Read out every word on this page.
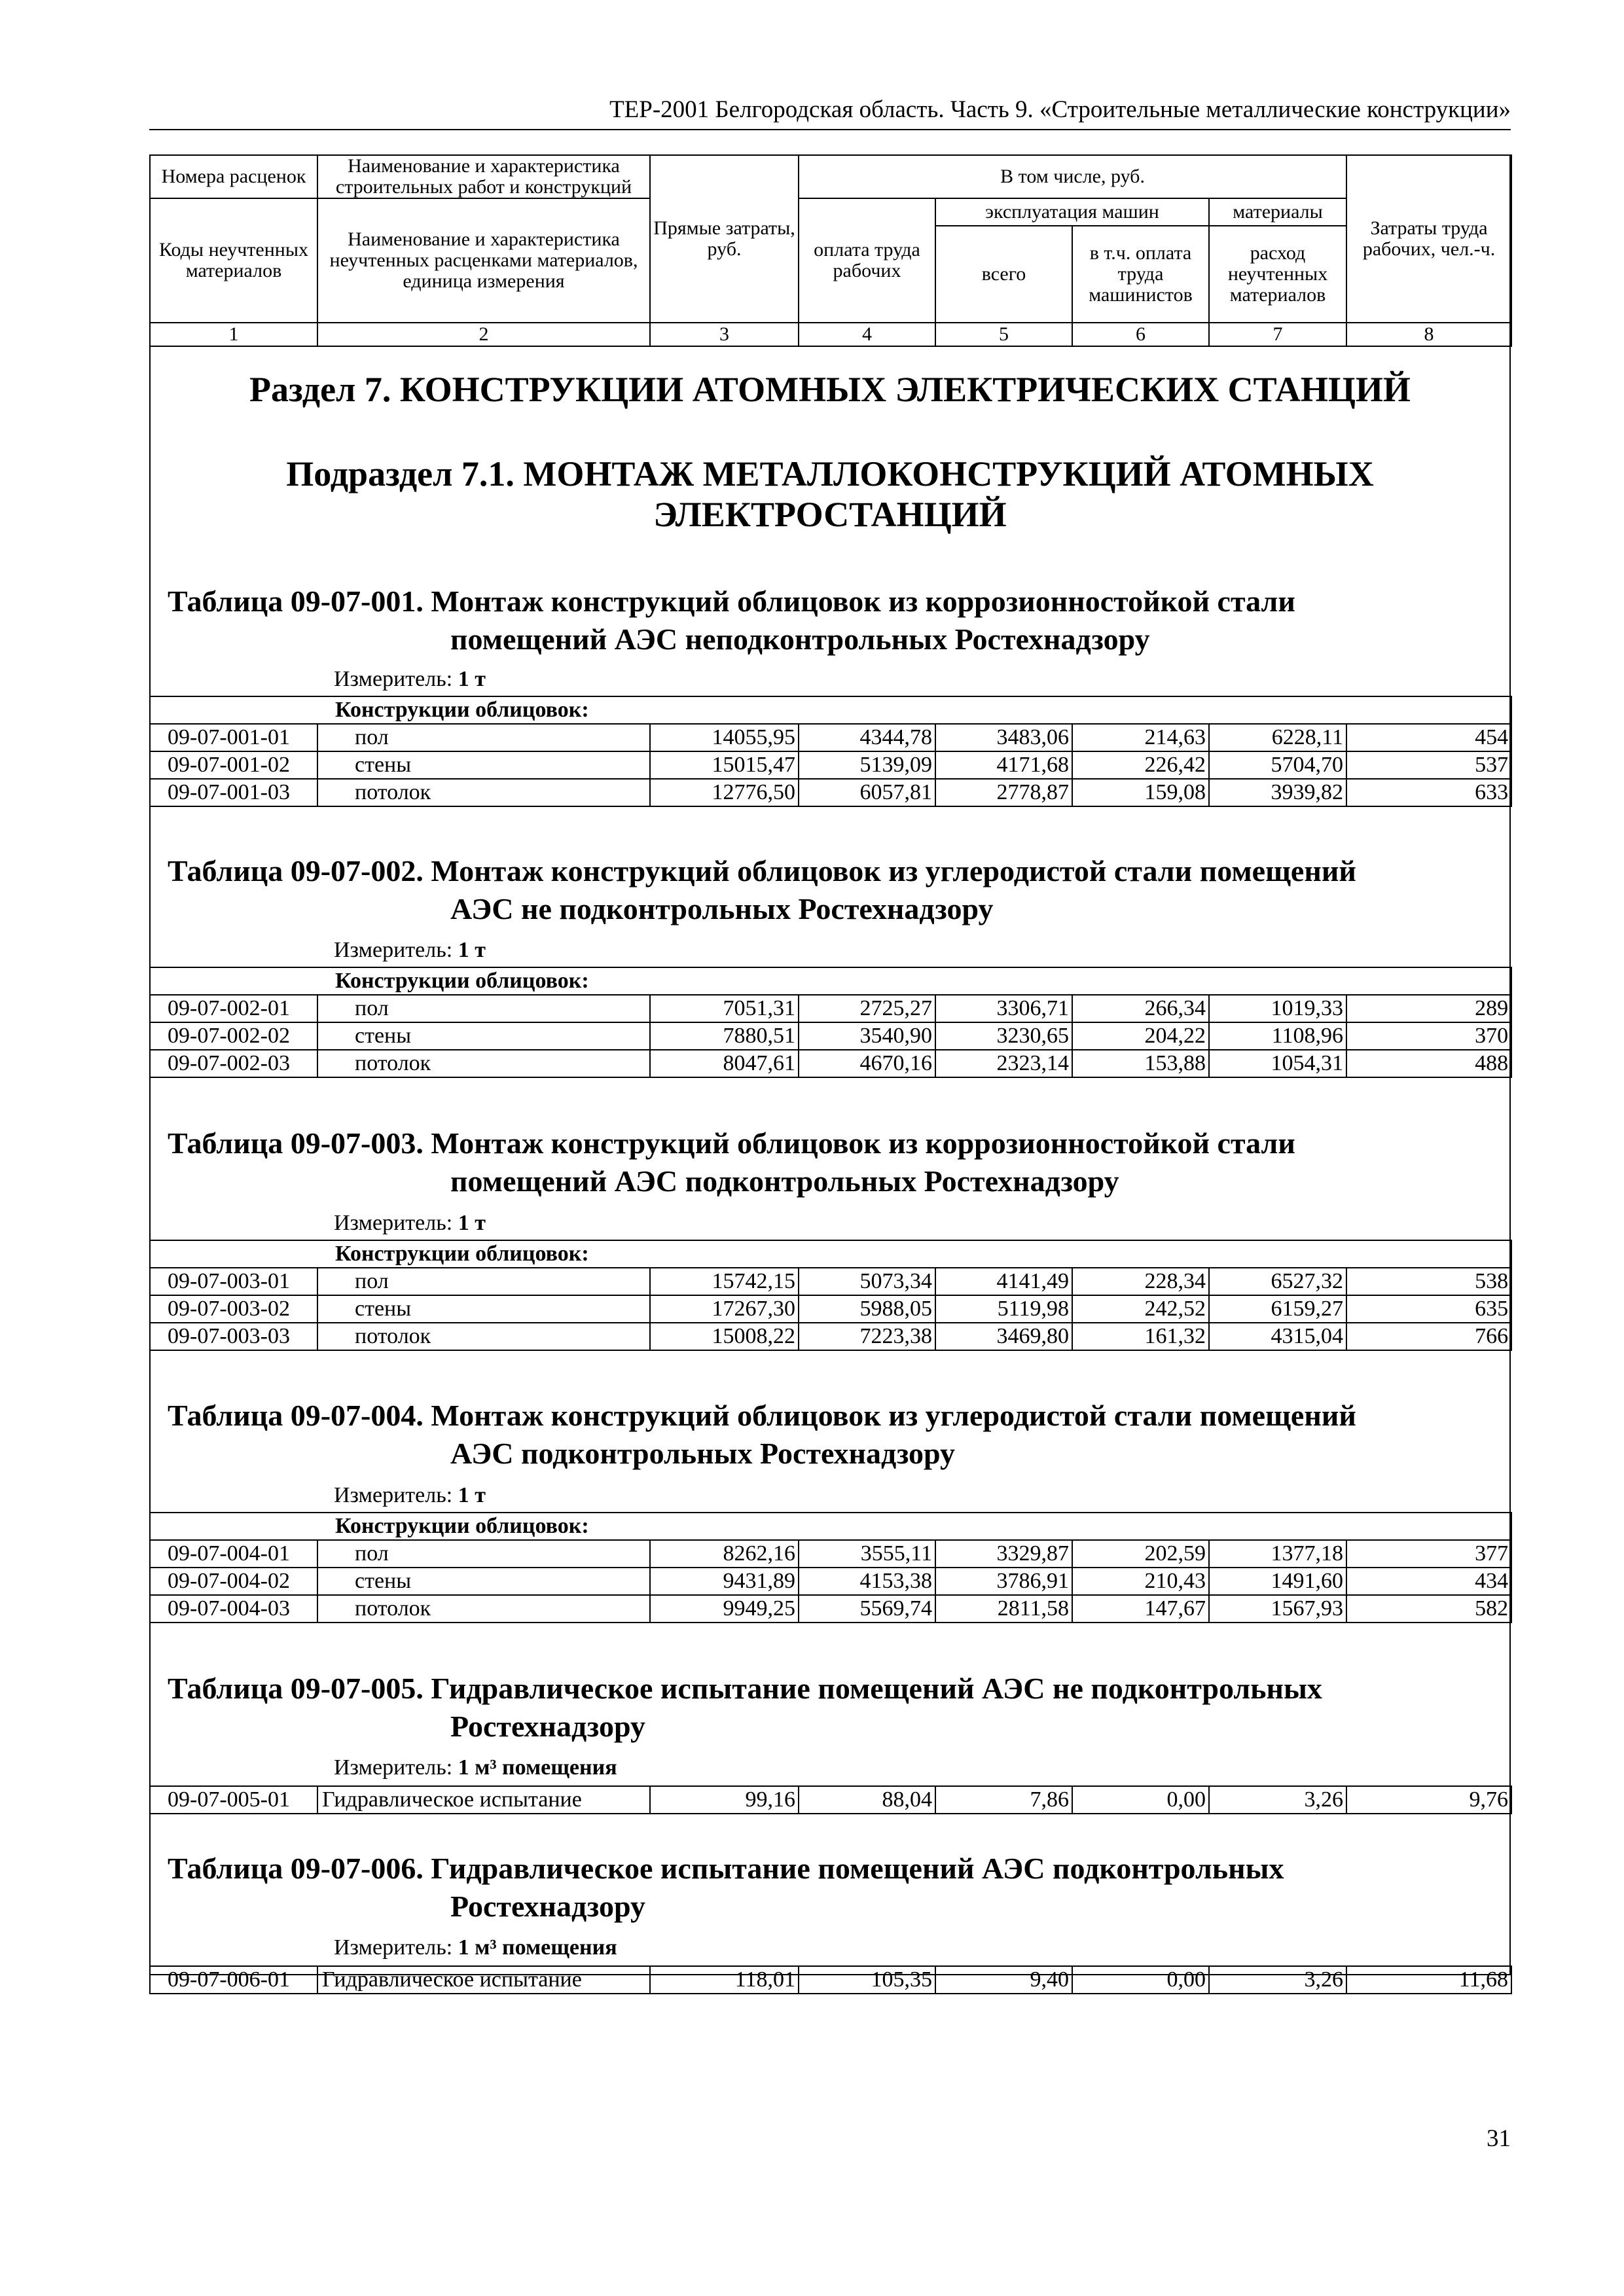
ТЕР-2001 Белгородская область. Часть 9. «Строительные металлические конструкции»
Номера расценок	Наименование и характеристика строительных работ и конструкций	Прямые затраты, руб.	В том числе, руб.				Затраты труда рабочих, чел.-ч.
Коды неучтенных материалов	Наименование и характеристика неучтенных расценками материалов, единица измерения		оплата труда рабочих	эксплуатация машин		материалы	
				всего	в т.ч. оплата труда машинистов	расход неучтенных материалов	
1	2	3	4	5	6	7	8
Раздел 7. КОНСТРУКЦИИ АТОМНЫХ ЭЛЕКТРИЧЕСКИХ СТАНЦИЙ
Подраздел 7.1. МОНТАЖ МЕТАЛЛОКОНСТРУКЦИЙ АТОМНЫХ
ЭЛЕКТРОСТАНЦИЙ
Таблица 09-07-001. Монтаж конструкций облицовок из коррозионностойкой стали
помещений АЭС неподконтрольных Ростехнадзору
Измеритель: 1 т
Конструкции облицовок:							
09-07-001-01	пол	14055,95	4344,78	3483,06	214,63	6228,11	454
09-07-001-02	стены	15015,47	5139,09	4171,68	226,42	5704,70	537
09-07-001-03	потолок	12776,50	6057,81	2778,87	159,08	3939,82	633
Таблица 09-07-002. Монтаж конструкций облицовок из углеродистой стали помещений
АЭС не подконтрольных Ростехнадзору
Измеритель: 1 т
Конструкции облицовок:							
09-07-002-01	пол	7051,31	2725,27	3306,71	266,34	1019,33	289
09-07-002-02	стены	7880,51	3540,90	3230,65	204,22	1108,96	370
09-07-002-03	потолок	8047,61	4670,16	2323,14	153,88	1054,31	488
Таблица 09-07-003. Монтаж конструкций облицовок из коррозионностойкой стали
помещений АЭС подконтрольных Ростехнадзору
Измеритель: 1 т
Конструкции облицовок:							
09-07-003-01	пол	15742,15	5073,34	4141,49	228,34	6527,32	538
09-07-003-02	стены	17267,30	5988,05	5119,98	242,52	6159,27	635
09-07-003-03	потолок	15008,22	7223,38	3469,80	161,32	4315,04	766
Таблица 09-07-004. Монтаж конструкций облицовок из углеродистой стали помещений
АЭС подконтрольных Ростехнадзору
Измеритель: 1 т
Конструкции облицовок:							
09-07-004-01	пол	8262,16	3555,11	3329,87	202,59	1377,18	377
09-07-004-02	стены	9431,89	4153,38	3786,91	210,43	1491,60	434
09-07-004-03	потолок	9949,25	5569,74	2811,58	147,67	1567,93	582
Таблица 09-07-005. Гидравлическое испытание помещений АЭС не подконтрольных
Ростехнадзору
Измеритель: 1 м³ помещения
09-07-005-01	Гидравлическое испытание	99,16	88,04	7,86	0,00	3,26	9,76
Таблица 09-07-006. Гидравлическое испытание помещений АЭС подконтрольных
Ростехнадзору
Измеритель: 1 м³ помещения
09-07-006-01	Гидравлическое испытание	118,01	105,35	9,40	0,00	3,26	11,68
31
